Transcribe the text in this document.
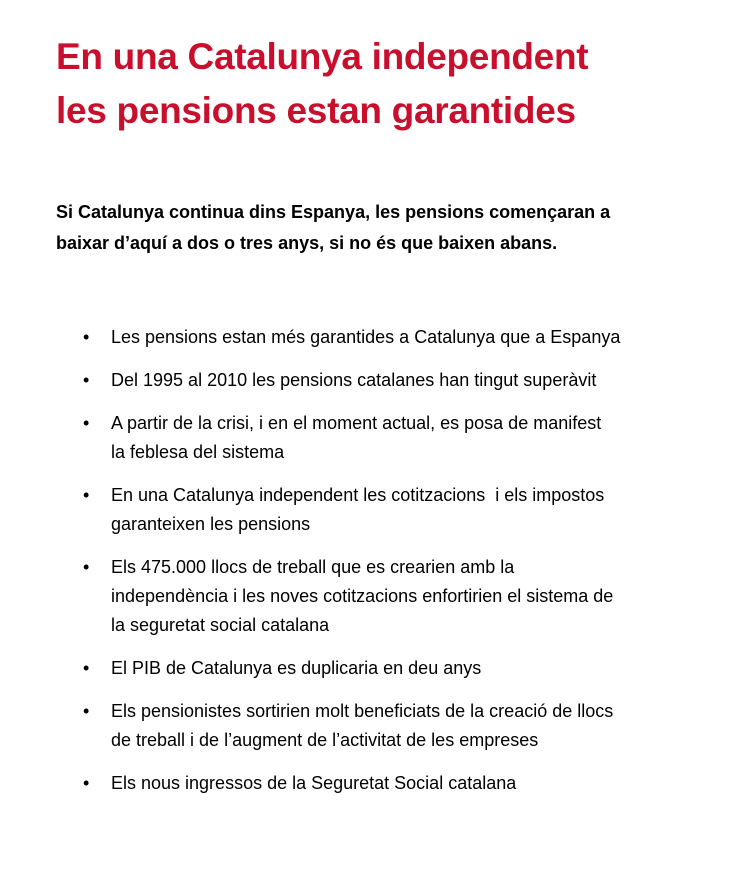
En una Catalunya independent
les pensions estan garantides

Si Catalunya continua dins Espanya, les pensions començaran a
baixar d’aquí a dos o tres anys, si no és que baixen abans.

• Les pensions estan més garantides a Catalunya que a Espanya
• Del 1995 al 2010 les pensions catalanes han tingut superàvit
• A partir de la crisi, i en el moment actual, es posa de manifest
la feblesa del sistema
• En una Catalunya independent les cotitzacions  i els impostos
garanteixen les pensions
• Els 475.000 llocs de treball que es crearien amb la
independència i les noves cotitzacions enfortirien el sistema de
la seguretat social catalana
• El PIB de Catalunya es duplicaria en deu anys
• Els pensionistes sortirien molt beneficiats de la creació de llocs
de treball i de l’augment de l’activitat de les empreses
• Els nous ingressos de la Seguretat Social catalana
